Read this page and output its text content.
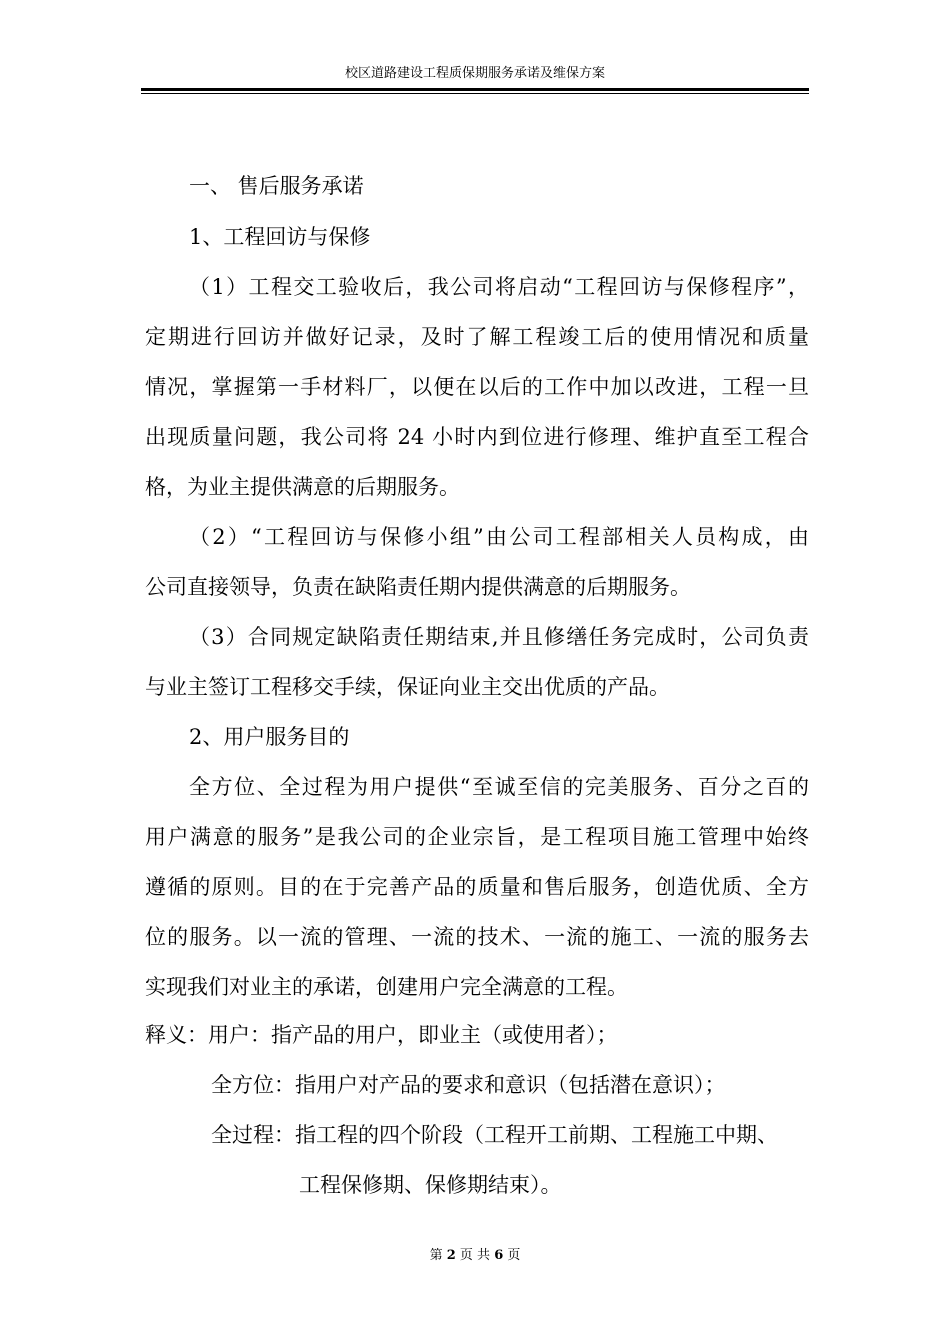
校区道路建设工程质保期服务承诺及维保方案
一、 售后服务承诺
1、工程回访与保修
（1）工程交工验收后，我公司将启动“工程回访与保修程序”，
定期进行回访并做好记录，及时了解工程竣工后的使用情况和质量
情况，掌握第一手材料厂，以便在以后的工作中加以改进，工程一旦
出现质量问题，我公司将 24 小时内到位进行修理、维护直至工程合
格，为业主提供满意的后期服务。
（2）“工程回访与保修小组”由公司工程部相关人员构成，由
公司直接领导，负责在缺陷责任期内提供满意的后期服务。
（3）合同规定缺陷责任期结束,并且修缮任务完成时，公司负责
与业主签订工程移交手续，保证向业主交出优质的产品。
2、用户服务目的
全方位、全过程为用户提供“至诚至信的完美服务、百分之百的
用户满意的服务”是我公司的企业宗旨，是工程项目施工管理中始终
遵循的原则。目的在于完善产品的质量和售后服务，创造优质、全方
位的服务。以一流的管理、一流的技术、一流的施工、一流的服务去
实现我们对业主的承诺，创建用户完全满意的工程。
释义：用户：指产品的用户，即业主（或使用者）；
全方位：指用户对产品的要求和意识（包括潜在意识）；
全过程：指工程的四个阶段（工程开工前期、工程施工中期、
工程保修期、保修期结束）。
第 2 页 共 6 页
